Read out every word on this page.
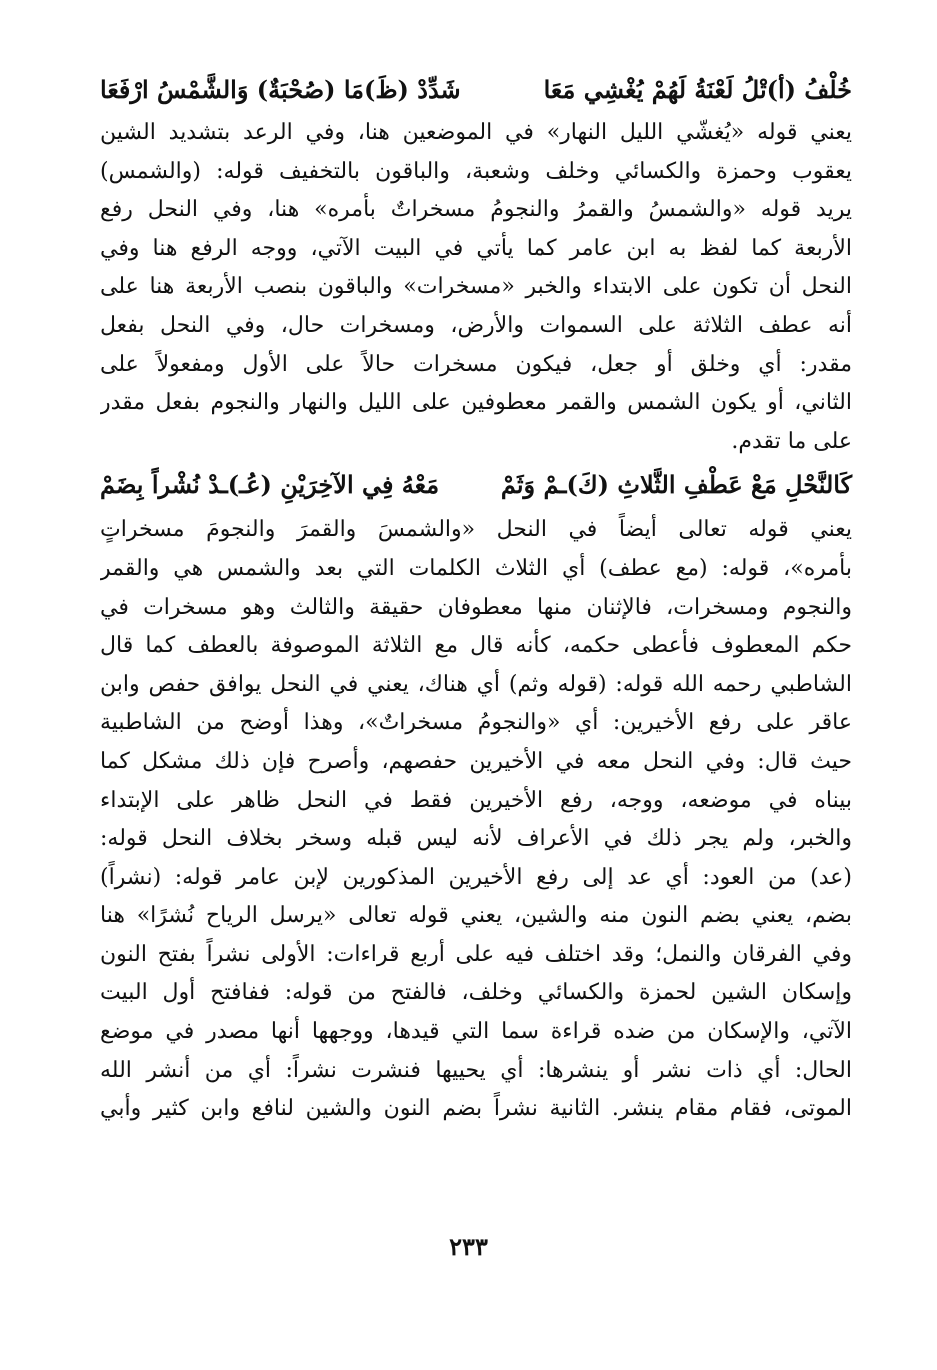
خُلْفُ (أ)تْلُ لَعْنَةُ لَهُمْ يُغْشِي مَعَا
شَدِّدْ (ظَ)مَا (صُحْبَةٌ) وَالشَّمْسُ ارْفَعَا
يعني قوله «يُغشّي الليل النهار» في الموضعين هنا، وفي الرعد بتشديد الشين
يعقوب وحمزة والكسائي وخلف وشعبة، والباقون بالتخفيف قوله: (والشمس)
يريد قوله «والشمسُ والقمرُ والنجومُ مسخراتٌ بأمره» هنا، وفي النحل رفع
الأربعة كما لفظ به ابن عامر كما يأتي في البيت الآتي، ووجه الرفع هنا وفي
النحل أن تكون على الابتداء والخبر «مسخرات» والباقون بنصب الأربعة هنا على
أنه عطف الثلاثة على السموات والأرض، ومسخرات حال، وفي النحل بفعل
مقدر: أي وخلق أو جعل، فيكون مسخرات حالاً على الأول ومفعولاً على
الثاني، أو يكون الشمس والقمر معطوفين على الليل والنهار والنجوم بفعل مقدر
على ما تقدم.
كَالنَّحْلِ مَعْ عَطْفِ الثَّلاثِ (كَ)ـمْ وَثَمْ
مَعْهُ فِي الآخِرَيْنِ (عُـ)ـدْ نُشْراً بِضَمْ
يعني قوله تعالى أيضاً في النحل «والشمسَ والقمرَ والنجومَ مسخراتٍ
بأمره»، قوله: (مع عطف) أي الثلاث الكلمات التي بعد والشمس هي والقمر
والنجوم ومسخرات، فالإثنان منها معطوفان حقيقة والثالث وهو مسخرات في
حكم المعطوف فأعطى حكمه، كأنه قال مع الثلاثة الموصوفة بالعطف كما قال
الشاطبي رحمه الله قوله: (قوله وثم) أي هناك، يعني في النحل يوافق حفص وابن
عاقر على رفع الأخيرين: أي «والنجومُ مسخراتٌ»، وهذا أوضح من الشاطبية
حيث قال: وفي النحل معه في الأخيرين حفصهم، وأصرح فإن ذلك مشكل كما
بيناه في موضعه، ووجه، رفع الأخيرين فقط في النحل ظاهر على الإبتداء
والخبر، ولم يجر ذلك في الأعراف لأنه ليس قبله وسخر بخلاف النحل قوله:
(عد) من العود: أي عد إلى رفع الأخيرين المذكورين لإبن عامر قوله: (نشراً)
بضم، يعني بضم النون منه والشين، يعني قوله تعالى «يرسل الرياح نُشرًا» هنا
وفي الفرقان والنمل؛ وقد اختلف فيه على أربع قراءات: الأولى نشراً بفتح النون
وإسكان الشين لحمزة والكسائي وخلف، فالفتح من قوله: ففافتح أول البيت
الآتي، والإسكان من ضده قراءة سما التي قيدها، ووجهها أنها مصدر في موضع
الحال: أي ذات نشر أو ينشرها: أي يحييها فنشرت نشراً: أي من أنشر الله
الموتى، فقام مقام ينشر. الثانية نشراً بضم النون والشين لنافع وابن كثير وأبي
٢٣٣
